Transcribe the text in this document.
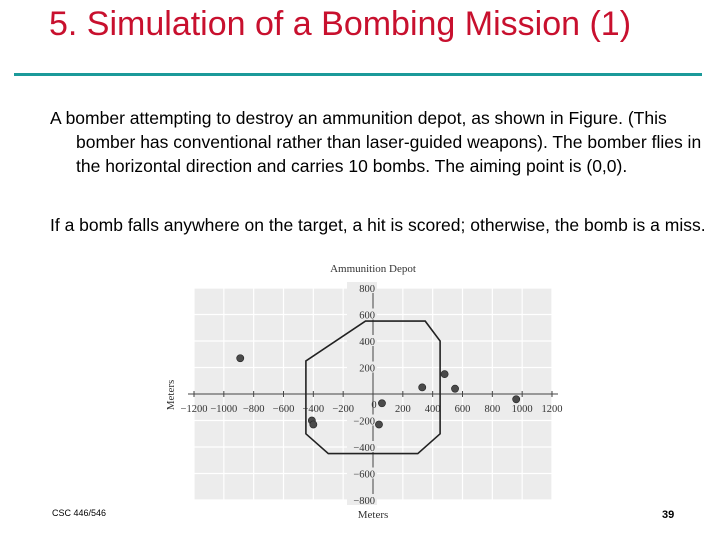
5. Simulation of a Bombing Mission (1)

A bomber attempting to destroy an ammunition depot, as shown in Figure. (This bomber has conventional rather than laser-guided weapons). The bomber flies in the horizontal direction and carries 10 bombs. The aiming point is (0,0).

If a bomb falls anywhere on the target, a hit is scored; otherwise, the bomb is a miss.

Ammunition Depot
Meters
Meters −1200 −1000 −800 −600 −400 −200 0 200 400 600 800 1000 1200
800
600
400
200
−200
−400
−600
−800
CSC 446/546	39
